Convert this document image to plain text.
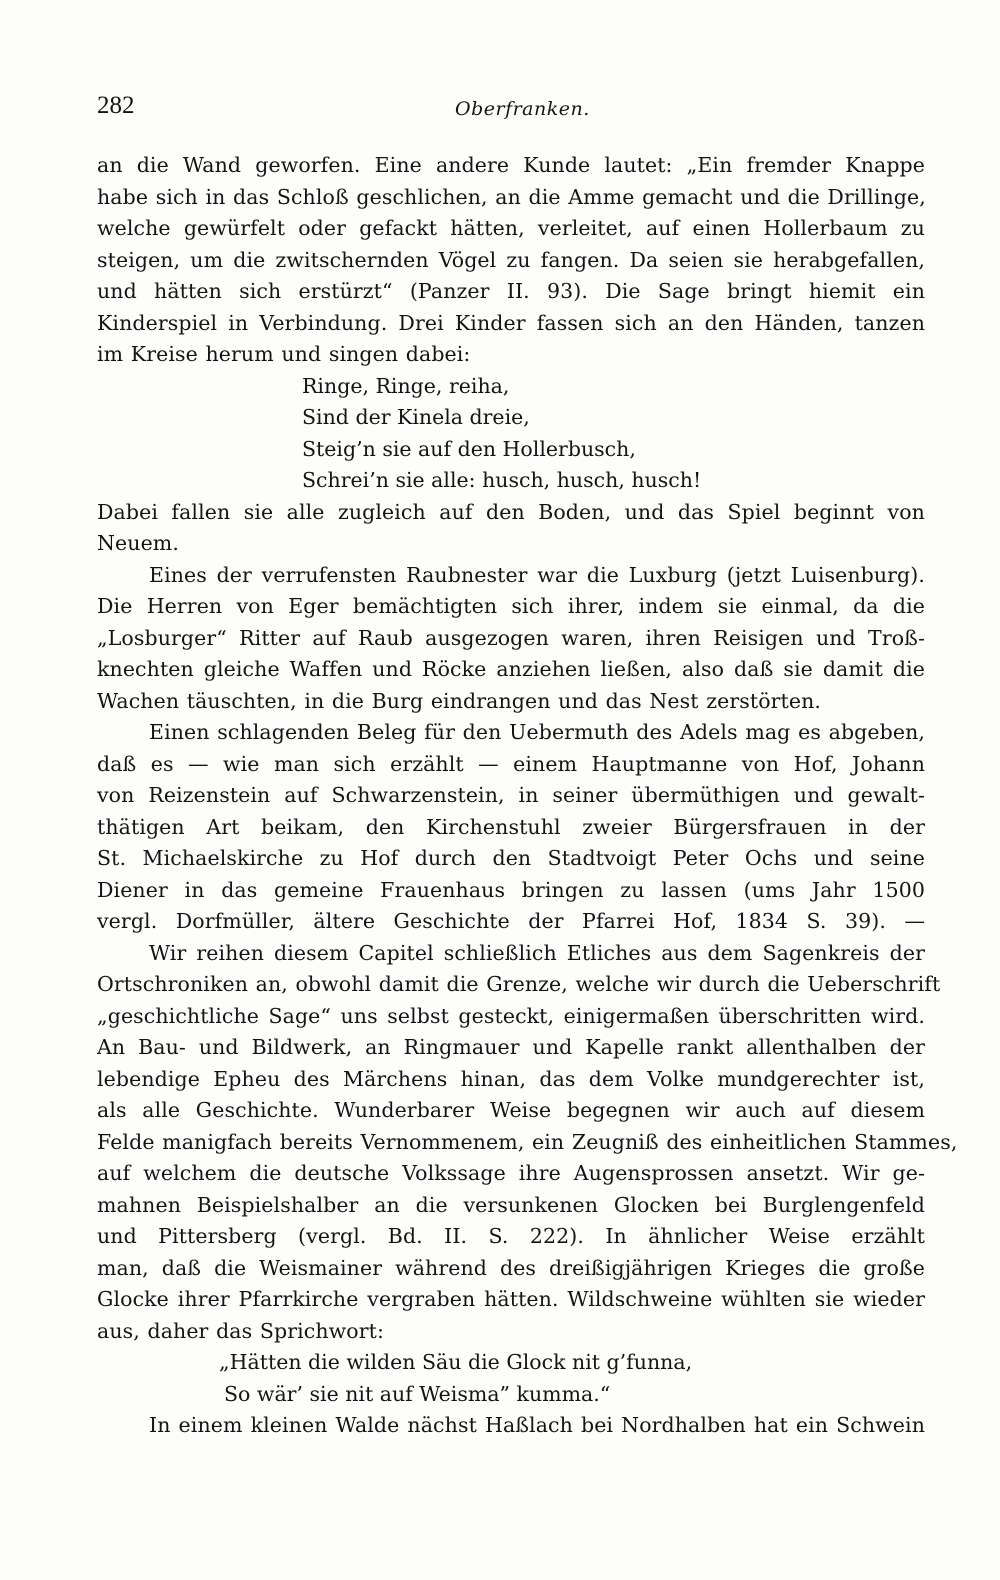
282	Oberfranken.
an die Wand geworfen. Eine andere Kunde lautet: „Ein fremder Knappe
habe sich in das Schloß geschlichen, an die Amme gemacht und die Drillinge,
welche gewürfelt oder gefackt hätten, verleitet, auf einen Hollerbaum zu
steigen, um die zwitschernden Vögel zu fangen. Da seien sie herabgefallen,
und hätten sich erstürzt“ (Panzer II. 93). Die Sage bringt hiemit ein
Kinderspiel in Verbindung. Drei Kinder fassen sich an den Händen, tanzen
im Kreise herum und singen dabei:
Ringe, Ringe, reiha,
Sind der Kinela dreie,
Steig’n sie auf den Hollerbusch,
Schrei’n sie alle: husch, husch, husch!
Dabei fallen sie alle zugleich auf den Boden, und das Spiel beginnt von
Neuem.
Eines der verrufensten Raubnester war die Luxburg (jetzt Luisenburg).
Die Herren von Eger bemächtigten sich ihrer, indem sie einmal, da die
„Losburger“ Ritter auf Raub ausgezogen waren, ihren Reisigen und Troß-
knechten gleiche Waffen und Röcke anziehen ließen, also daß sie damit die
Wachen täuschten, in die Burg eindrangen und das Nest zerstörten.
Einen schlagenden Beleg für den Uebermuth des Adels mag es abgeben,
daß es — wie man sich erzählt — einem Hauptmanne von Hof, Johann
von Reizenstein auf Schwarzenstein, in seiner übermüthigen und gewalt-
thätigen Art beikam, den Kirchenstuhl zweier Bürgersfrauen in der
St. Michaelskirche zu Hof durch den Stadtvoigt Peter Ochs und seine
Diener in das gemeine Frauenhaus bringen zu lassen (ums Jahr 1500
vergl. Dorfmüller, ältere Geschichte der Pfarrei Hof, 1834 S. 39). —
Wir reihen diesem Capitel schließlich Etliches aus dem Sagenkreis der
Ortschroniken an, obwohl damit die Grenze, welche wir durch die Ueberschrift
„geschichtliche Sage“ uns selbst gesteckt, einigermaßen überschritten wird.
An Bau- und Bildwerk, an Ringmauer und Kapelle rankt allenthalben der
lebendige Epheu des Märchens hinan, das dem Volke mundgerechter ist,
als alle Geschichte. Wunderbarer Weise begegnen wir auch auf diesem
Felde manigfach bereits Vernommenem, ein Zeugniß des einheitlichen Stammes,
auf welchem die deutsche Volkssage ihre Augensprossen ansetzt. Wir ge-
mahnen Beispielshalber an die versunkenen Glocken bei Burglengenfeld
und Pittersberg (vergl. Bd. II. S. 222). In ähnlicher Weise erzählt
man, daß die Weismainer während des dreißigjährigen Krieges die große
Glocke ihrer Pfarrkirche vergraben hätten. Wildschweine wühlten sie wieder
aus, daher das Sprichwort:
„Hätten die wilden Säu die Glock nit g’funna,
So wär’ sie nit auf Weisma” kumma.“
In einem kleinen Walde nächst Haßlach bei Nordhalben hat ein Schwein
